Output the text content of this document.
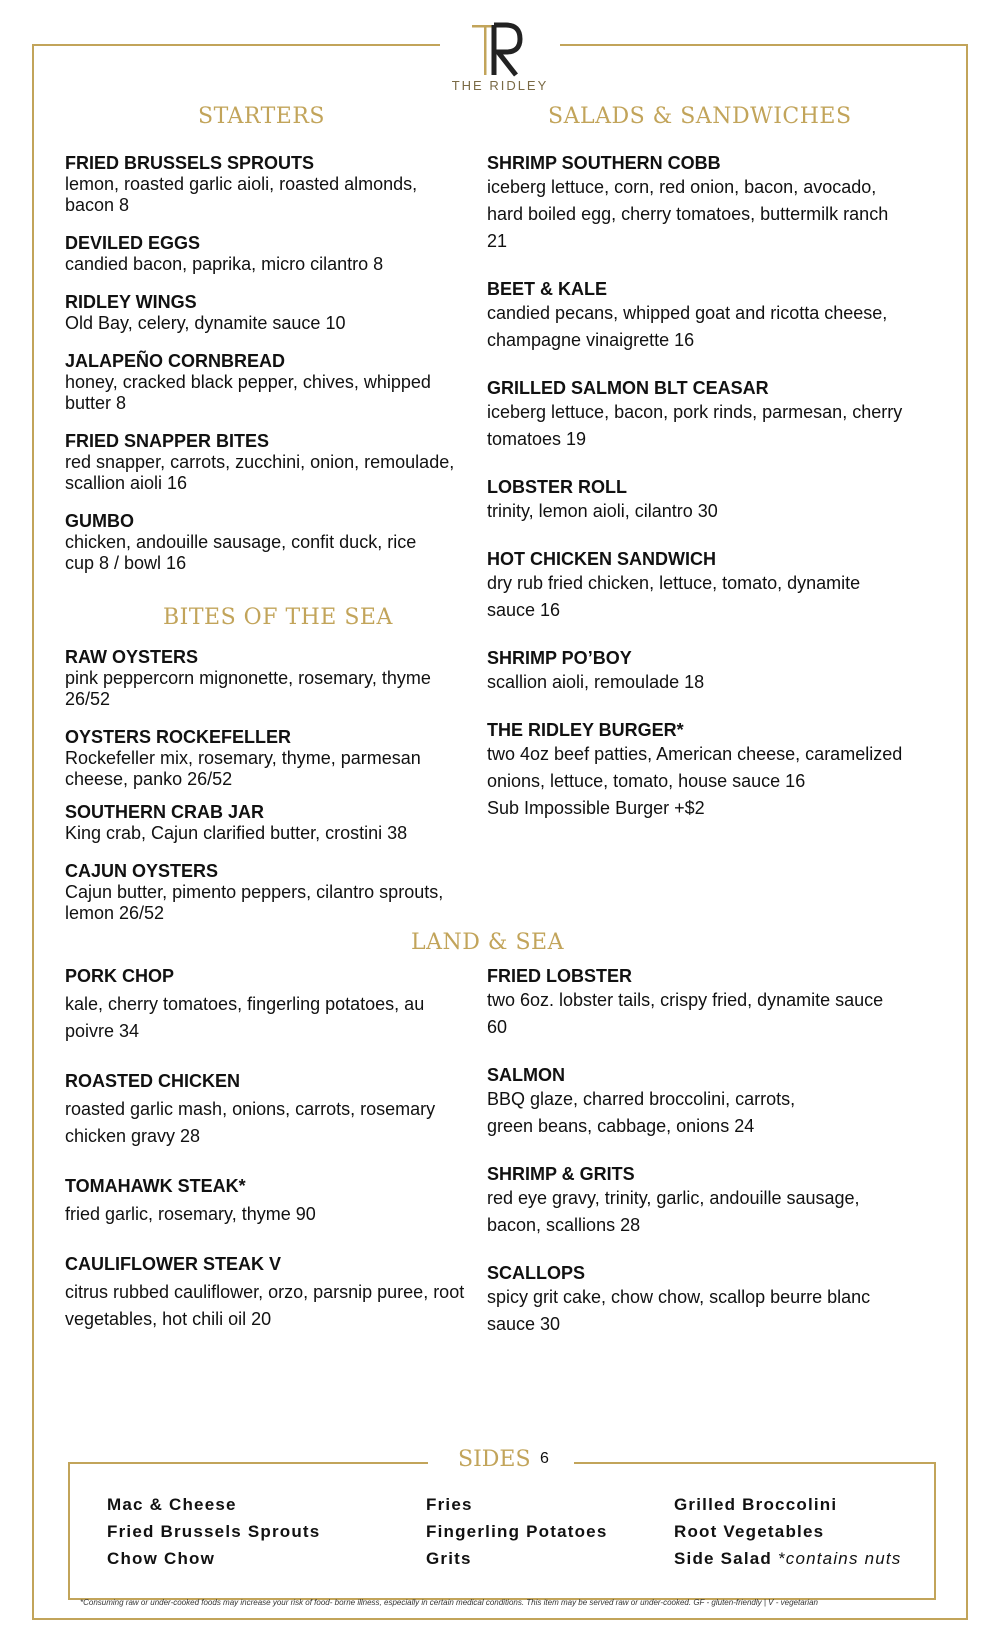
THE RIDLEY
STARTERS
FRIED BRUSSELS SPROUTS
lemon, roasted garlic aioli, roasted almonds, bacon 8
DEVILED EGGS
candied bacon, paprika, micro cilantro 8
RIDLEY WINGS
Old Bay, celery, dynamite sauce 10
JALAPEÑO CORNBREAD
honey, cracked black pepper, chives, whipped butter 8
FRIED SNAPPER BITES
red snapper, carrots, zucchini, onion, remoulade, scallion aioli 16
GUMBO
chicken, andouille sausage, confit duck, rice
cup 8 / bowl 16
BITES OF THE SEA
RAW OYSTERS
pink peppercorn mignonette, rosemary, thyme 26/52
OYSTERS ROCKEFELLER
Rockefeller mix, rosemary, thyme, parmesan cheese, panko 26/52
SOUTHERN CRAB JAR
King crab, Cajun clarified butter, crostini 38
CAJUN OYSTERS
Cajun butter, pimento peppers, cilantro sprouts, lemon 26/52
SALADS & SANDWICHES
SHRIMP SOUTHERN COBB
iceberg lettuce, corn, red onion, bacon, avocado, hard boiled egg, cherry tomatoes, buttermilk ranch 21
BEET & KALE
candied pecans, whipped goat and ricotta cheese, champagne vinaigrette 16
GRILLED SALMON BLT CEASAR
iceberg lettuce, bacon, pork rinds, parmesan, cherry tomatoes 19
LOBSTER ROLL
trinity, lemon aioli, cilantro 30
HOT CHICKEN SANDWICH
dry rub fried chicken, lettuce, tomato, dynamite sauce 16
SHRIMP PO’BOY
scallion aioli, remoulade 18
THE RIDLEY BURGER*
two 4oz beef patties, American cheese, caramelized onions, lettuce, tomato, house sauce 16
Sub Impossible Burger +$2
LAND & SEA
PORK CHOP
kale, cherry tomatoes, fingerling potatoes, au poivre 34
ROASTED CHICKEN
roasted garlic mash, onions, carrots, rosemary chicken gravy 28
TOMAHAWK STEAK*
fried garlic, rosemary, thyme 90
CAULIFLOWER STEAK V
citrus rubbed cauliflower, orzo, parsnip puree, root vegetables, hot chili oil 20
FRIED LOBSTER
two 6oz. lobster tails, crispy fried, dynamite sauce 60
SALMON
BBQ glaze, charred broccolini, carrots,
green beans, cabbage, onions 24
SHRIMP & GRITS
red eye gravy, trinity, garlic, andouille sausage, bacon, scallions 28
SCALLOPS
spicy grit cake, chow chow, scallop beurre blanc sauce 30
SIDES 6
Mac & Cheese
Fried Brussels Sprouts
Chow Chow
Fries
Fingerling Potatoes
Grits
Grilled Broccolini
Root Vegetables
Side Salad *contains nuts
*Consuming raw or under-cooked foods may increase your risk of food- borne illness, especially in certain medical conditions. This item may be served raw or under-cooked. GF - gluten-friendly | V - vegetarian
